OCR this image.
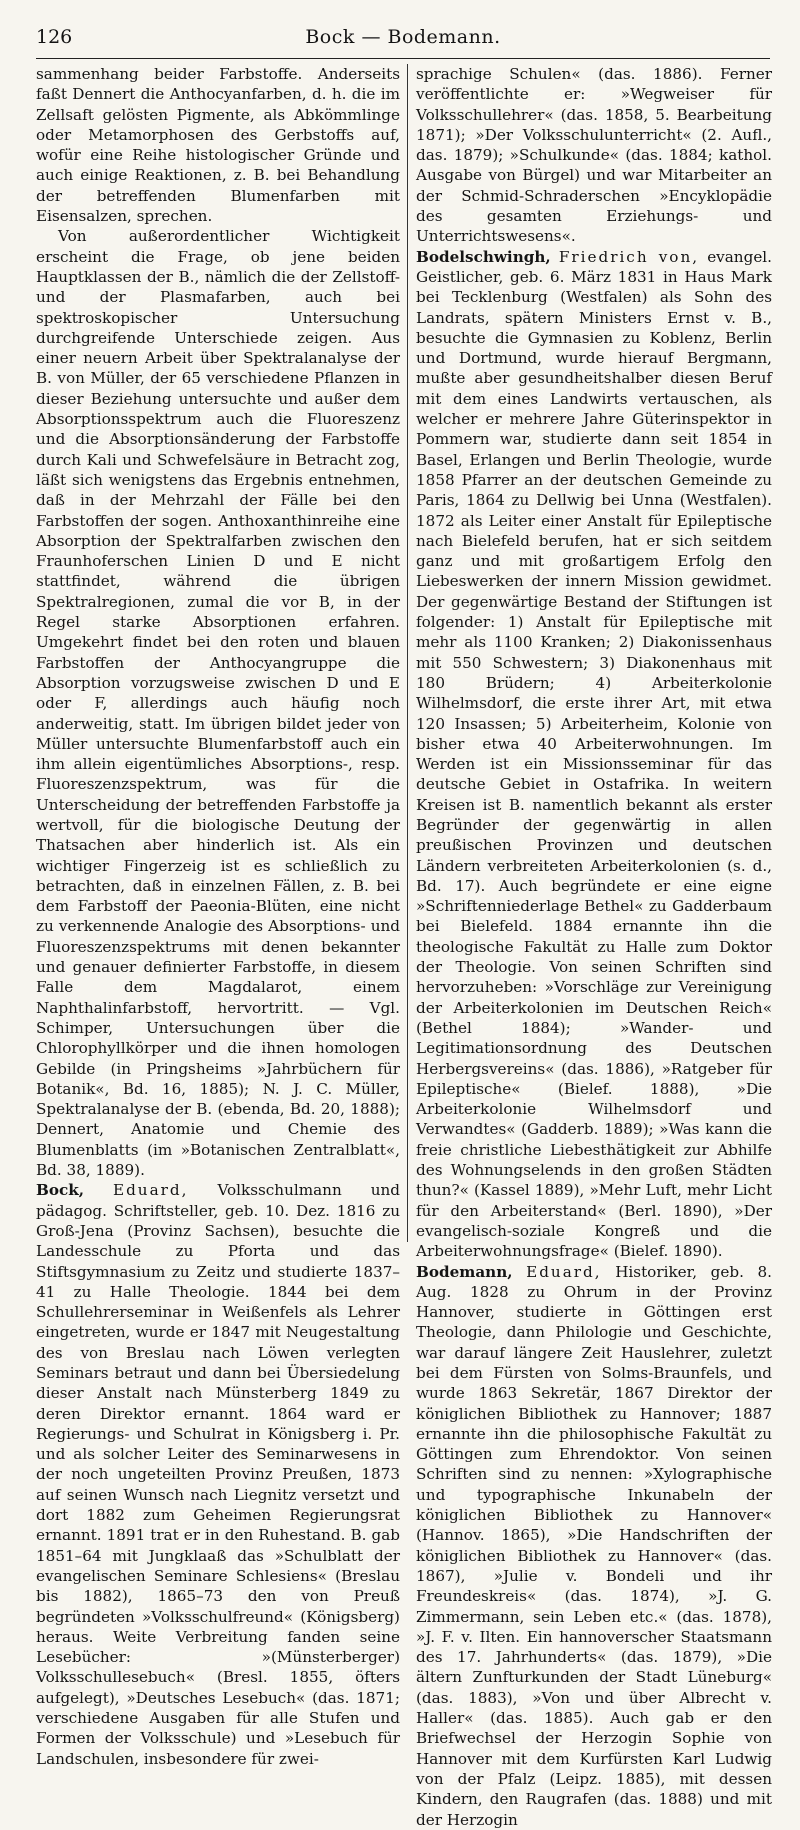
126	Bock — Bodemann.

sammenhang beider Farbstoffe. Anderseits faßt Dennert die Anthocyanfarben, d. h. die im Zellsaft gelösten Pigmente, als Abkömmlinge oder Metamorphosen des Gerbstoffs auf, wofür eine Reihe histologischer Gründe und auch einige Reaktionen, z. B. bei Behandlung der betreffenden Blumenfarben mit Eisensalzen, sprechen.

Von außerordentlicher Wichtigkeit erscheint die Frage, ob jene beiden Hauptklassen der B., nämlich die der Zellstoff- und der Plasmafarben, auch bei spektroskopischer Untersuchung durchgreifende Unterschiede zeigen. Aus einer neuern Arbeit über Spektralanalyse der B. von Müller, der 65 verschiedene Pflanzen in dieser Beziehung untersuchte und außer dem Absorptionsspektrum auch die Fluoreszenz und die Absorptionsänderung der Farbstoffe durch Kali und Schwefelsäure in Betracht zog, läßt sich wenigstens das Ergebnis entnehmen, daß in der Mehrzahl der Fälle bei den Farbstoffen der sogen. Anthoxanthinreihe eine Absorption der Spektralfarben zwischen den Fraunhoferschen Linien D und E nicht stattfindet, während die übrigen Spektralregionen, zumal die vor B, in der Regel starke Absorptionen erfahren. Umgekehrt findet bei den roten und blauen Farbstoffen der Anthocyangruppe die Absorption vorzugsweise zwischen D und E oder F, allerdings auch häufig noch anderweitig, statt. Im übrigen bildet jeder von Müller untersuchte Blumenfarbstoff auch ein ihm allein eigentümliches Absorptions-, resp. Fluoreszenzspektrum, was für die Unterscheidung der betreffenden Farbstoffe ja wertvoll, für die biologische Deutung der Thatsachen aber hinderlich ist. Als ein wichtiger Fingerzeig ist es schließlich zu betrachten, daß in einzelnen Fällen, z. B. bei dem Farbstoff der Paeonia-Blüten, eine nicht zu verkennende Analogie des Absorptions- und Fluoreszenzspektrums mit denen bekannter und genauer definierter Farbstoffe, in diesem Falle dem Magdalarot, einem Naphthalinfarbstoff, hervortritt. — Vgl. Schimper, Untersuchungen über die Chlorophyllkörper und die ihnen homologen Gebilde (in Pringsheims »Jahrbüchern für Botanik«, Bd. 16, 1885); N. J. C. Müller, Spektralanalyse der B. (ebenda, Bd. 20, 1888); Dennert, Anatomie und Chemie des Blumenblatts (im »Botanischen Zentralblatt«, Bd. 38, 1889).

Bock, Eduard, Volksschulmann und pädagog. Schriftsteller, geb. 10. Dez. 1816 zu Groß-Jena (Provinz Sachsen), besuchte die Landesschule zu Pforta und das Stiftsgymnasium zu Zeitz und studierte 1837–41 zu Halle Theologie. 1844 bei dem Schullehrerseminar in Weißenfels als Lehrer eingetreten, wurde er 1847 mit Neugestaltung des von Breslau nach Löwen verlegten Seminars betraut und dann bei Übersiedelung dieser Anstalt nach Münsterberg 1849 zu deren Direktor ernannt. 1864 ward er Regierungs- und Schulrat in Königsberg i. Pr. und als solcher Leiter des Seminarwesens in der noch ungeteilten Provinz Preußen, 1873 auf seinen Wunsch nach Liegnitz versetzt und dort 1882 zum Geheimen Regierungsrat ernannt. 1891 trat er in den Ruhestand. B. gab 1851–64 mit Jungklaaß das »Schulblatt der evangelischen Seminare Schlesiens« (Breslau bis 1882), 1865–73 den von Preuß begründeten »Volksschulfreund« (Königsberg) heraus. Weite Verbreitung fanden seine Lesebücher: »(Münsterberger) Volksschullesebuch« (Bresl. 1855, öfters aufgelegt), »Deutsches Lesebuch« (das. 1871; verschiedene Ausgaben für alle Stufen und Formen der Volksschule) und »Lesebuch für Landschulen, insbesondere für zwei-

sprachige Schulen« (das. 1886). Ferner veröffentlichte er: »Wegweiser für Volksschullehrer« (das. 1858, 5. Bearbeitung 1871); »Der Volksschulunterricht« (2. Aufl., das. 1879); »Schulkunde« (das. 1884; kathol. Ausgabe von Bürgel) und war Mitarbeiter an der Schmid-Schraderschen »Encyklopädie des gesamten Erziehungs- und Unterrichtswesens«.

Bodelschwingh, Friedrich von, evangel. Geistlicher, geb. 6. März 1831 in Haus Mark bei Tecklenburg (Westfalen) als Sohn des Landrats, spätern Ministers Ernst v. B., besuchte die Gymnasien zu Koblenz, Berlin und Dortmund, wurde hierauf Bergmann, mußte aber gesundheitshalber diesen Beruf mit dem eines Landwirts vertauschen, als welcher er mehrere Jahre Güterinspektor in Pommern war, studierte dann seit 1854 in Basel, Erlangen und Berlin Theologie, wurde 1858 Pfarrer an der deutschen Gemeinde zu Paris, 1864 zu Dellwig bei Unna (Westfalen). 1872 als Leiter einer Anstalt für Epileptische nach Bielefeld berufen, hat er sich seitdem ganz und mit großartigem Erfolg den Liebeswerken der innern Mission gewidmet. Der gegenwärtige Bestand der Stiftungen ist folgender: 1) Anstalt für Epileptische mit mehr als 1100 Kranken; 2) Diakonissenhaus mit 550 Schwestern; 3) Diakonenhaus mit 180 Brüdern; 4) Arbeiterkolonie Wilhelmsdorf, die erste ihrer Art, mit etwa 120 Insassen; 5) Arbeiterheim, Kolonie von bisher etwa 40 Arbeiterwohnungen. Im Werden ist ein Missionsseminar für das deutsche Gebiet in Ostafrika. In weitern Kreisen ist B. namentlich bekannt als erster Begründer der gegenwärtig in allen preußischen Provinzen und deutschen Ländern verbreiteten Arbeiterkolonien (s. d., Bd. 17). Auch begründete er eine eigne »Schriftenniederlage Bethel« zu Gadderbaum bei Bielefeld. 1884 ernannte ihn die theologische Fakultät zu Halle zum Doktor der Theologie. Von seinen Schriften sind hervorzuheben: »Vorschläge zur Vereinigung der Arbeiterkolonien im Deutschen Reich« (Bethel 1884); »Wander- und Legitimationsordnung des Deutschen Herbergsvereins« (das. 1886), »Ratgeber für Epileptische« (Bielef. 1888), »Die Arbeiterkolonie Wilhelmsdorf und Verwandtes« (Gadderb. 1889); »Was kann die freie christliche Liebesthätigkeit zur Abhilfe des Wohnungselends in den großen Städten thun?« (Kassel 1889), »Mehr Luft, mehr Licht für den Arbeiterstand« (Berl. 1890), »Der evangelisch-soziale Kongreß und die Arbeiterwohnungsfrage« (Bielef. 1890).

Bodemann, Eduard, Historiker, geb. 8. Aug. 1828 zu Ohrum in der Provinz Hannover, studierte in Göttingen erst Theologie, dann Philologie und Geschichte, war darauf längere Zeit Hauslehrer, zuletzt bei dem Fürsten von Solms-Braunfels, und wurde 1863 Sekretär, 1867 Direktor der königlichen Bibliothek zu Hannover; 1887 ernannte ihn die philosophische Fakultät zu Göttingen zum Ehrendoktor. Von seinen Schriften sind zu nennen: »Xylographische und typographische Inkunabeln der königlichen Bibliothek zu Hannover« (Hannov. 1865), »Die Handschriften der königlichen Bibliothek zu Hannover« (das. 1867), »Julie v. Bondeli und ihr Freundeskreis« (das. 1874), »J. G. Zimmermann, sein Leben etc.« (das. 1878), »J. F. v. Ilten. Ein hannoverscher Staatsmann des 17. Jahrhunderts« (das. 1879), »Die ältern Zunfturkunden der Stadt Lüneburg« (das. 1883), »Von und über Albrecht v. Haller« (das. 1885). Auch gab er den Briefwechsel der Herzogin Sophie von Hannover mit dem Kurfürsten Karl Ludwig von der Pfalz (Leipz. 1885), mit dessen Kindern, den Raugrafen (das. 1888) und mit der Herzogin
